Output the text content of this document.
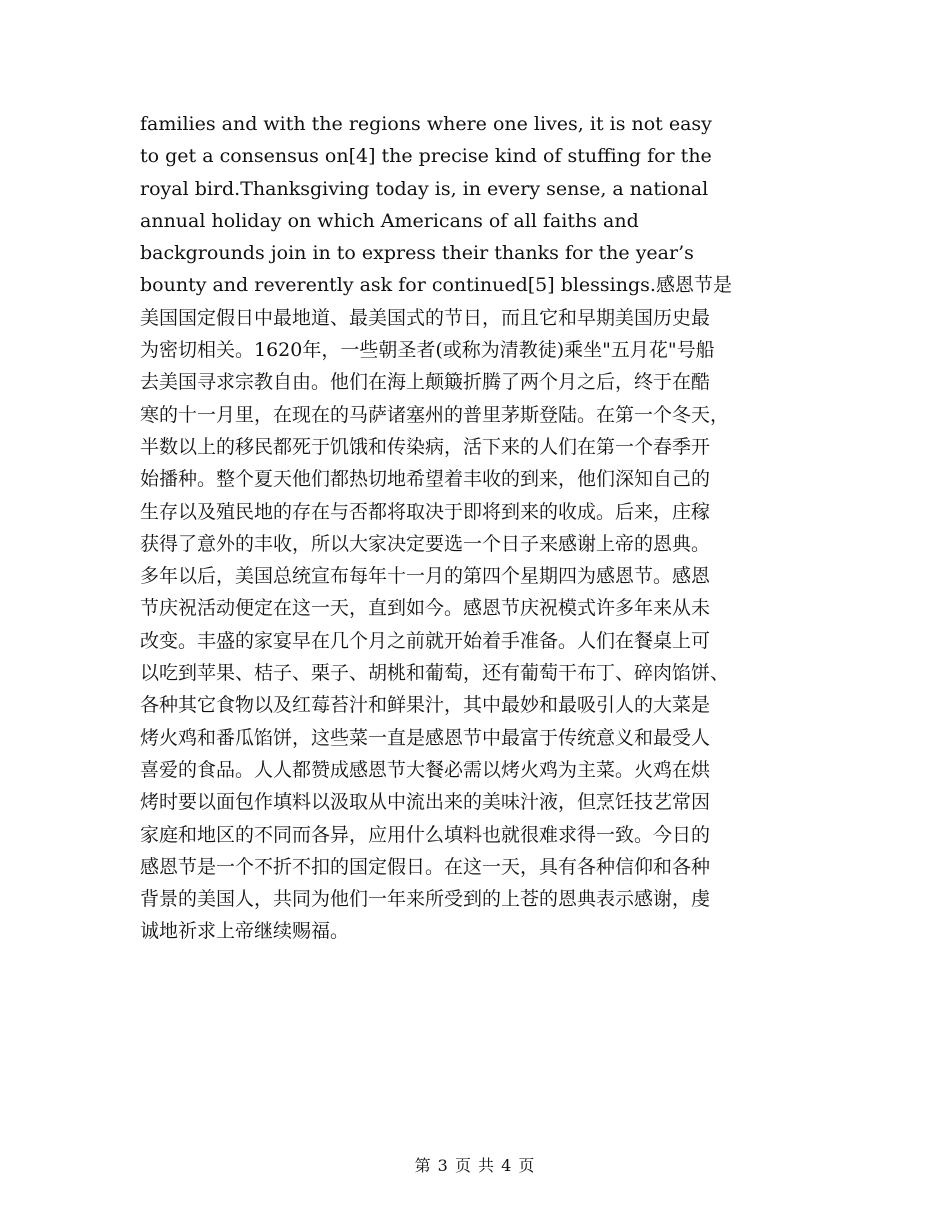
families and with the regions where one lives, it is not easy
to get a consensus on[4] the precise kind of stuffing for the
royal bird.Thanksgiving today is, in every sense, a national
annual holiday on which Americans of all faiths and
backgrounds join in to express their thanks for the year’s
bounty and reverently ask for continued[5] blessings.感恩节是
美国国定假日中最地道、最美国式的节日，而且它和早期美国历史最
为密切相关。1620年，一些朝圣者(或称为清教徒)乘坐"五月花"号船
去美国寻求宗教自由。他们在海上颠簸折腾了两个月之后，终于在酷
寒的十一月里，在现在的马萨诸塞州的普里茅斯登陆。在第一个冬天，
半数以上的移民都死于饥饿和传染病，活下来的人们在第一个春季开
始播种。整个夏天他们都热切地希望着丰收的到来，他们深知自己的
生存以及殖民地的存在与否都将取决于即将到来的收成。后来，庄稼
获得了意外的丰收，所以大家决定要选一个日子来感谢上帝的恩典。
多年以后，美国总统宣布每年十一月的第四个星期四为感恩节。感恩
节庆祝活动便定在这一天，直到如今。感恩节庆祝模式许多年来从未
改变。丰盛的家宴早在几个月之前就开始着手准备。人们在餐桌上可
以吃到苹果、桔子、栗子、胡桃和葡萄，还有葡萄干布丁、碎肉馅饼、
各种其它食物以及红莓苔汁和鲜果汁，其中最妙和最吸引人的大菜是
烤火鸡和番瓜馅饼，这些菜一直是感恩节中最富于传统意义和最受人
喜爱的食品。人人都赞成感恩节大餐必需以烤火鸡为主菜。火鸡在烘
烤时要以面包作填料以汲取从中流出来的美味汁液，但烹饪技艺常因
家庭和地区的不同而各异，应用什么填料也就很难求得一致。今日的
感恩节是一个不折不扣的国定假日。在这一天，具有各种信仰和各种
背景的美国人，共同为他们一年来所受到的上苍的恩典表示感谢，虔
诚地祈求上帝继续赐福。
第 3 页 共 4 页
